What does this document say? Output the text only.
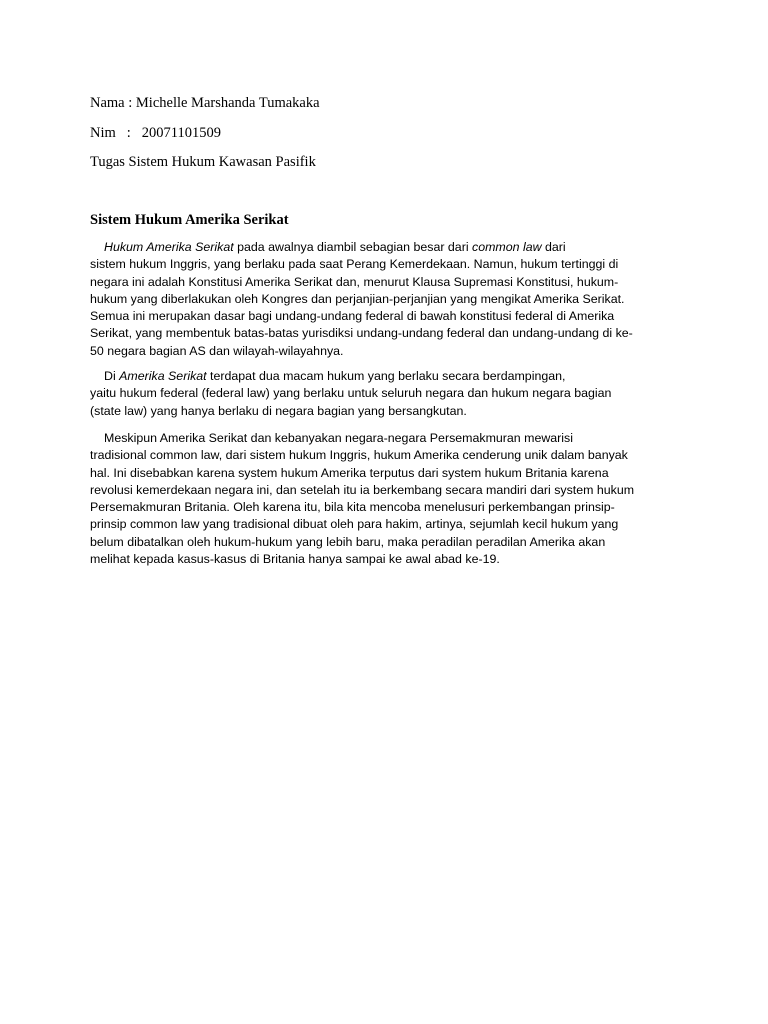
Nama : Michelle Marshanda Tumakaka
Nim : 20071101509
Tugas Sistem Hukum Kawasan Pasifik
Sistem Hukum Amerika Serikat
Hukum Amerika Serikat pada awalnya diambil sebagian besar dari common law dari
sistem hukum Inggris, yang berlaku pada saat Perang Kemerdekaan. Namun, hukum tertinggi di
negara ini adalah Konstitusi Amerika Serikat dan, menurut Klausa Supremasi Konstitusi, hukum-
hukum yang diberlakukan oleh Kongres dan perjanjian-perjanjian yang mengikat Amerika Serikat.
Semua ini merupakan dasar bagi undang-undang federal di bawah konstitusi federal di Amerika
Serikat, yang membentuk batas-batas yurisdiksi undang-undang federal dan undang-undang di ke-
50 negara bagian AS dan wilayah-wilayahnya.
Di Amerika Serikat terdapat dua macam hukum yang berlaku secara berdampingan,
yaitu hukum federal (federal law) yang berlaku untuk seluruh negara dan hukum negara bagian
(state law) yang hanya berlaku di negara bagian yang bersangkutan.
Meskipun Amerika Serikat dan kebanyakan negara-negara Persemakmuran mewarisi
tradisional common law, dari sistem hukum Inggris, hukum Amerika cenderung unik dalam banyak
hal. Ini disebabkan karena system hukum Amerika terputus dari system hukum Britania karena
revolusi kemerdekaan negara ini, dan setelah itu ia berkembang secara mandiri dari system hukum
Persemakmuran Britania. Oleh karena itu, bila kita mencoba menelusuri perkembangan prinsip-
prinsip common law yang tradisional dibuat oleh para hakim, artinya, sejumlah kecil hukum yang
belum dibatalkan oleh hukum-hukum yang lebih baru, maka peradilan peradilan Amerika akan
melihat kepada kasus-kasus di Britania hanya sampai ke awal abad ke-19.
